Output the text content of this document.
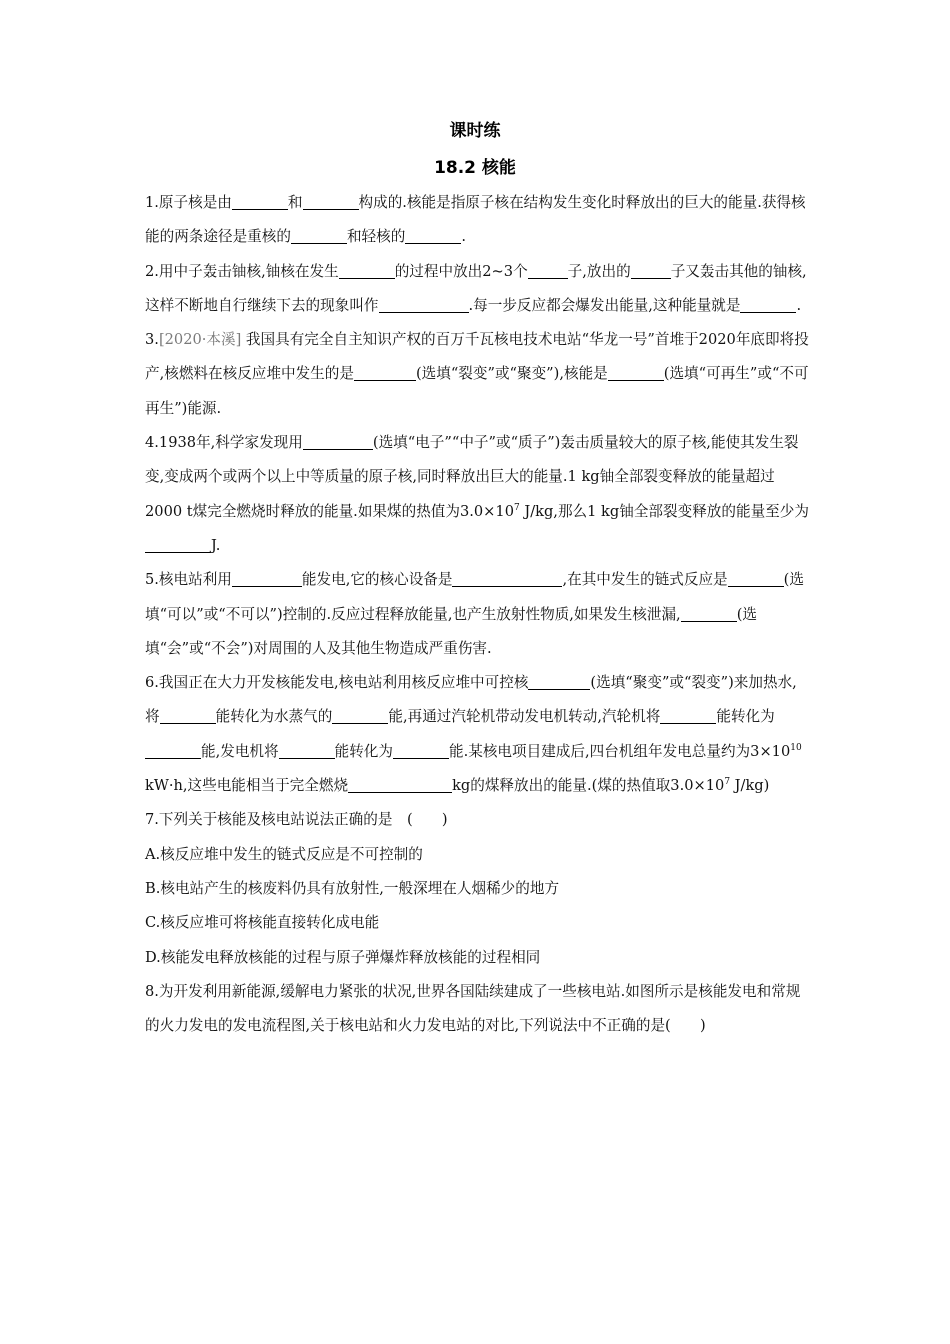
课时练
18.2 核能

1.原子核是由	和	构成的.核能是指原子核在结构发生变化时释放出的巨大的能量.获得核能的两条途径是重核的	和轻核的	.

2.用中子轰击铀核,铀核在发生	的过程中放出2~3个	子,放出的	子又轰击其他的铀核,这样不断地自行继续下去的现象叫作	.每一步反应都会爆发出能量,这种能量就是	.

3.[2020·本溪] 我国具有完全自主知识产权的百万千瓦核电技术电站“华龙一号”首堆于2020年底即将投产,核燃料在核反应堆中发生的是	(选填“裂变”或“聚变”),核能是	(选填“可再生”或“不可再生”)能源.

4.1938年,科学家发现用	(选填“电子”“中子”或“质子”)轰击质量较大的原子核,能使其发生裂变,变成两个或两个以上中等质量的原子核,同时释放出巨大的能量.1 kg铀全部裂变释放的能量超过2000 t煤完全燃烧时释放的能量.如果煤的热值为$3.0\times 10^7$ J/kg,那么1 kg铀全部裂变释放的能量至少为J.

5.核电站利用	能发电,它的核心设备是	,在其中发生的链式反应是	(选填“可以”或“不可以”)控制的.反应过程释放能量,也产生放射性物质,如果发生核泄漏,	(选填“会”或“不会”)对周围的人及其他生物造成严重伤害.

6.我国正在大力开发核能发电,核电站利用核反应堆中可控核	(选填“聚变”或“裂变”)来加热水,将	能转化为水蒸气的	能,再通过汽轮机带动发电机转动,汽轮机将	能转化为能,发电机将	能转化为	能.某核电项目建成后,四台机组年发电总量约为$3\times 10^{10}$ kW·h,这些电能相当于完全燃烧	kg的煤释放出的能量.(煤的热值取$3.0\times 10^7$ J/kg)

7.下列关于核能及核电站说法正确的是　(　　)
A.核反应堆中发生的链式反应是不可控制的
B.核电站产生的核废料仍具有放射性,一般深埋在人烟稀少的地方
C.核反应堆可将核能直接转化成电能
D.核能发电释放核能的过程与原子弹爆炸释放核能的过程相同

8.为开发利用新能源,缓解电力紧张的状况,世界各国陆续建成了一些核电站.如图所示是核能发电和常规的火力发电的发电流程图,关于核电站和火力发电站的对比,下列说法中不正确的是(　　)
